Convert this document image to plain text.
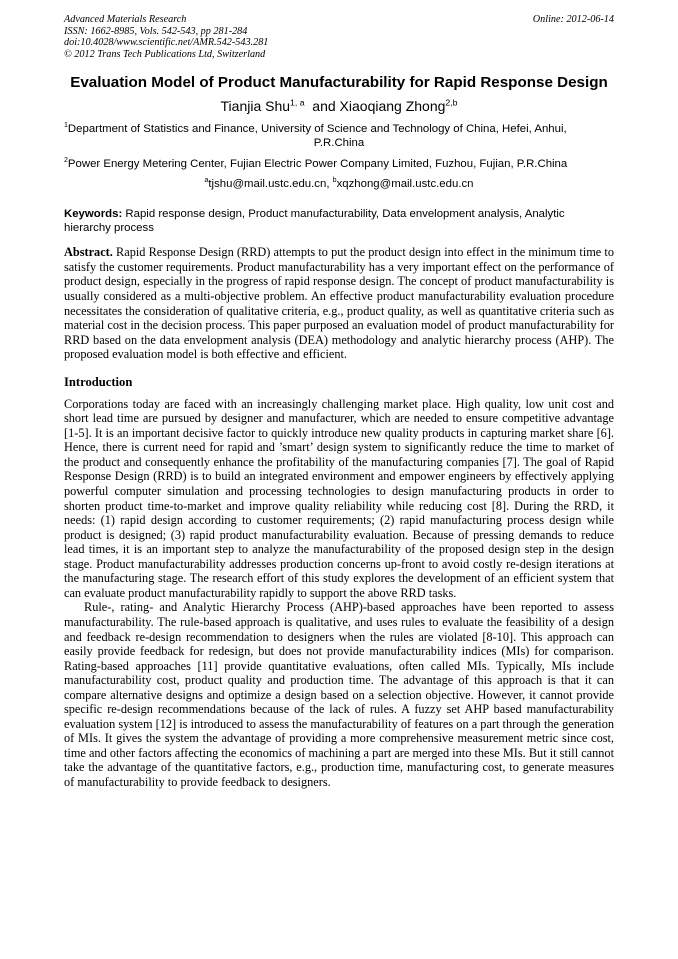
Advanced Materials Research
ISSN: 1662-8985, Vols. 542-543, pp 281-284
doi:10.4028/www.scientific.net/AMR.542-543.281
© 2012 Trans Tech Publications Ltd, Switzerland
Online: 2012-06-14
Evaluation Model of Product Manufacturability for Rapid Response Design
Tianjia Shu$^{1, a}$ and Xiaoqiang Zhong$^{2,b}$
$^1$Department of Statistics and Finance, University of Science and Technology of China, Hefei, Anhui,
P.R.China
$^2$Power Energy Metering Center, Fujian Electric Power Company Limited, Fuzhou, Fujian, P.R.China
$^a$tjshu@mail.ustc.edu.cn, $^b$xqzhong@mail.ustc.edu.cn
Keywords: Rapid response design, Product manufacturability, Data envelopment analysis, Analytic hierarchy process

Abstract. Rapid Response Design (RRD) attempts to put the product design into effect in the minimum time to satisfy the customer requirements. Product manufacturability has a very important effect on the performance of product design, especially in the progress of rapid response design. The concept of product manufacturability is usually considered as a multi-objective problem. An effective product manufacturability evaluation procedure necessitates the consideration of qualitative criteria, e.g., product quality, as well as quantitative criteria such as material cost in the decision process. This paper purposed an evaluation model of product manufacturability for RRD based on the data envelopment analysis (DEA) methodology and analytic hierarchy process (AHP). The proposed evaluation model is both effective and efficient.

Introduction

Corporations today are faced with an increasingly challenging market place. High quality, low unit cost and short lead time are pursued by designer and manufacturer, which are needed to ensure competitive advantage [1-5]. It is an important decisive factor to quickly introduce new quality products in capturing market share [6]. Hence, there is current need for rapid and ’smart’ design system to significantly reduce the time to market of the product and consequently enhance the profitability of the manufacturing companies [7]. The goal of Rapid Response Design (RRD) is to build an integrated environment and empower engineers by effectively applying powerful computer simulation and processing technologies to design manufacturing products in order to shorten product time-to-market and improve quality reliability while reducing cost [8]. During the RRD, it needs: (1) rapid design according to customer requirements; (2) rapid manufacturing process design while product is designed; (3) rapid product manufacturability evaluation. Because of pressing demands to reduce lead times, it is an important step to analyze the manufacturability of the proposed design step in the design stage. Product manufacturability addresses production concerns up-front to avoid costly re-design iterations at the manufacturing stage. The research effort of this study explores the development of an efficient system that can evaluate product manufacturability rapidly to support the above RRD tasks.

Rule-, rating- and Analytic Hierarchy Process (AHP)-based approaches have been reported to assess manufacturability. The rule-based approach is qualitative, and uses rules to evaluate the feasibility of a design and feedback re-design recommendation to designers when the rules are violated [8-10]. This approach can easily provide feedback for redesign, but does not provide manufacturability indices (MIs) for comparison. Rating-based approaches [11] provide quantitative evaluations, often called MIs. Typically, MIs include manufacturability cost, product quality and production time. The advantage of this approach is that it can compare alternative designs and optimize a design based on a selection objective. However, it cannot provide specific re-design recommendations because of the lack of rules. A fuzzy set AHP based manufacturability evaluation system [12] is introduced to assess the manufacturability of features on a part through the generation of MIs. It gives the system the advantage of providing a more comprehensive measurement metric since cost, time and other factors affecting the economics of machining a part are merged into these MIs. But it still cannot take the advantage of the quantitative factors, e.g., production time, manufacturing cost, to generate measures of manufacturability to provide feedback to designers.
